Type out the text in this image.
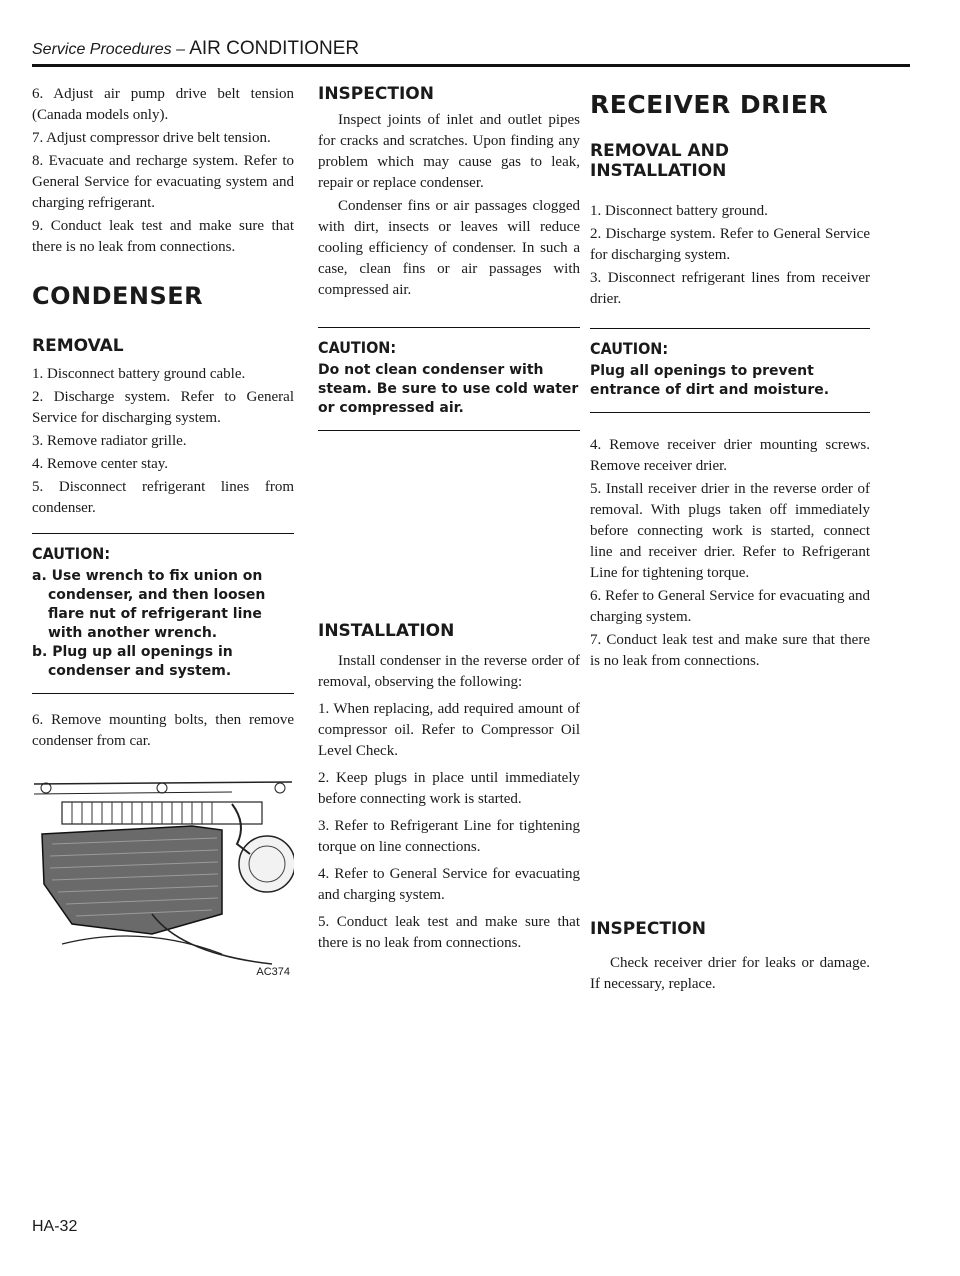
Service Procedures – AIR CONDITIONER

6. Adjust air pump drive belt tension (Canada models only).

7. Adjust compressor drive belt tension.

8. Evacuate and recharge system. Refer to General Service for evacuating system and charging refrigerant.

9. Conduct leak test and make sure that there is no leak from connections.

CONDENSER
REMOVAL

1. Disconnect battery ground cable.

2. Discharge system. Refer to General Service for discharging system.

3. Remove radiator grille.

4. Remove center stay.

5. Disconnect refrigerant lines from condenser.

CAUTION:

a. Use wrench to fix union on condenser, and then loosen flare nut of refrigerant line with another wrench.

b. Plug up all openings in condenser and system.

6. Remove mounting bolts, then remove condenser from car.

AC374
INSPECTION

Inspect joints of inlet and outlet pipes for cracks and scratches. Upon finding any problem which may cause gas to leak, repair or replace condenser.

Condenser fins or air passages clogged with dirt, insects or leaves will reduce cooling efficiency of condenser. In such a case, clean fins or air passages with compressed air.

CAUTION:

Do not clean condenser with steam. Be sure to use cold water or compressed air.

INSTALLATION

Install condenser in the reverse order of removal, observing the following:

1. When replacing, add required amount of compressor oil. Refer to Compressor Oil Level Check.

2. Keep plugs in place until immediately before connecting work is started.

3. Refer to Refrigerant Line for tightening torque on line connections.

4. Refer to General Service for evacuating and charging system.

5. Conduct leak test and make sure that there is no leak from connections.

RECEIVER DRIER
REMOVAL AND
INSTALLATION

1. Disconnect battery ground.

2. Discharge system. Refer to General Service for discharging system.

3. Disconnect refrigerant lines from receiver drier.

CAUTION:

Plug all openings to prevent entrance of dirt and moisture.

4. Remove receiver drier mounting screws. Remove receiver drier.

5. Install receiver drier in the reverse order of removal. With plugs taken off immediately before connecting work is started, connect line and receiver drier. Refer to Refrigerant Line for tightening torque.

6. Refer to General Service for evacuating and charging system.

7. Conduct leak test and make sure that there is no leak from connections.

INSPECTION

Check receiver drier for leaks or damage. If necessary, replace.

HA-32
